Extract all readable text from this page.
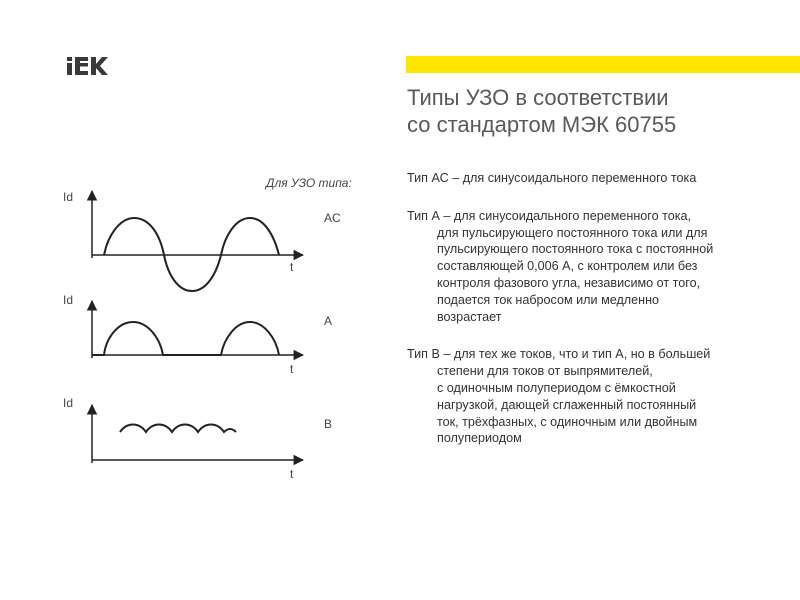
Типы УЗО в соответствии
со стандартом МЭК 60755
Для УЗО типа:
Id
t
AC
Id
t
A
Id
t
B

Тип АС – для синусоидального переменного тока

Тип А – для синусоидального переменного тока,

для пульсирующего постоянного тока или для

пульсирующего постоянного тока с постоянной

составляющей 0,006 А, с контролем или без

контроля фазового угла, независимо от того,

подается ток набросом или медленно

возрастает

Тип В – для тех же токов, что и тип А, но в большей

степени для токов от выпрямителей,

с одиночным полупериодом с ёмкостной

нагрузкой, дающей сглаженный постоянный

ток, трёхфазных, с одиночным или двойным

полупериодом
